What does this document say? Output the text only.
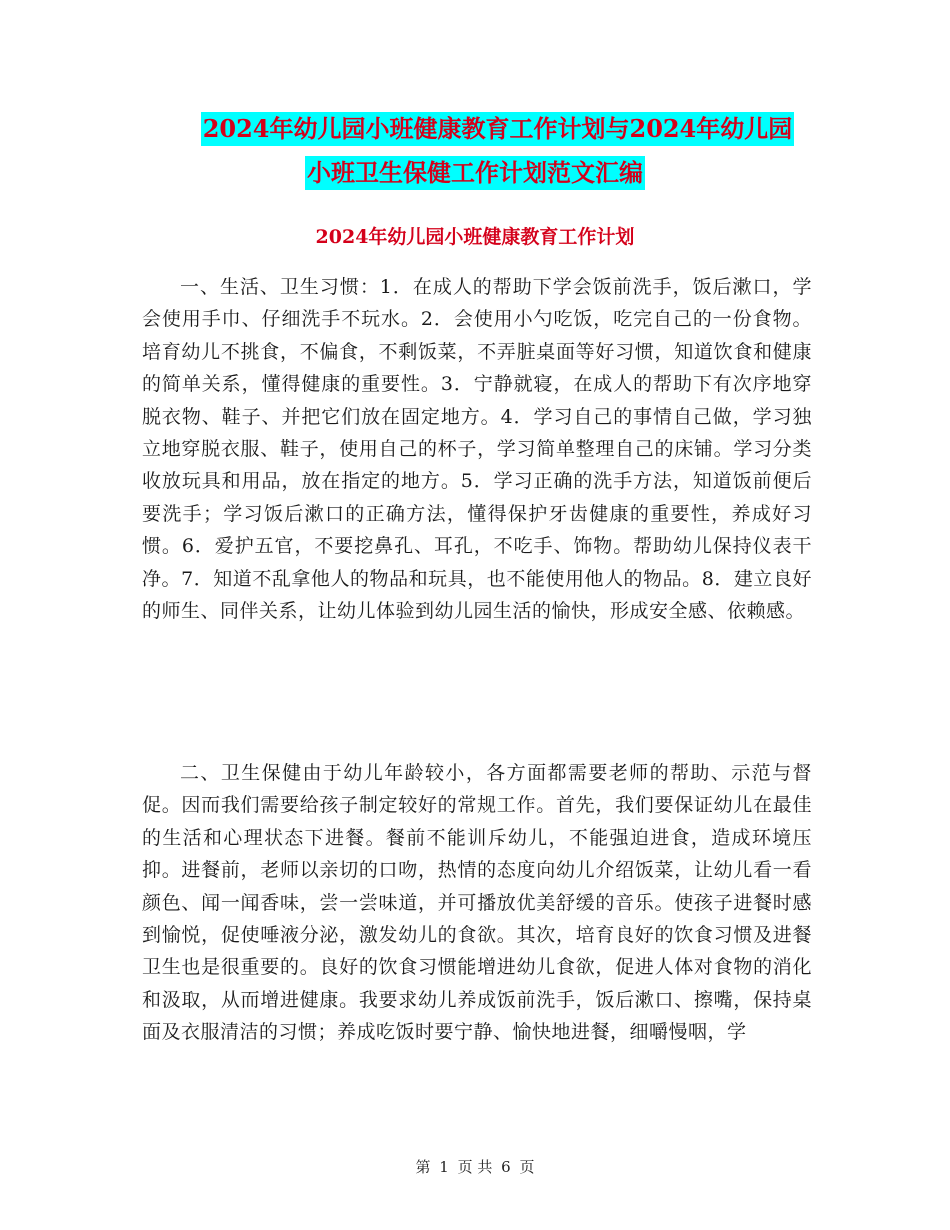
2024年幼儿园小班健康教育工作计划与2024年幼儿园
小班卫生保健工作计划范文汇编
2024年幼儿园小班健康教育工作计划

一、生活、卫生习惯：1．在成人的帮助下学会饭前洗手，饭后漱口，学会使用手巾、仔细洗手不玩水。2．会使用小勺吃饭，吃完自己的一份食物。培育幼儿不挑食，不偏食，不剩饭菜，不弄脏桌面等好习惯，知道饮食和健康的简单关系，懂得健康的重要性。3．宁静就寝，在成人的帮助下有次序地穿脱衣物、鞋子、并把它们放在固定地方。4．学习自己的事情自己做，学习独立地穿脱衣服、鞋子，使用自己的杯子，学习简单整理自己的床铺。学习分类收放玩具和用品，放在指定的地方。5．学习正确的洗手方法，知道饭前便后要洗手；学习饭后漱口的正确方法，懂得保护牙齿健康的重要性，养成好习惯。6．爱护五官，不要挖鼻孔、耳孔，不吃手、饰物。帮助幼儿保持仪表干净。7．知道不乱拿他人的物品和玩具，也不能使用他人的物品。8．建立良好的师生、同伴关系，让幼儿体验到幼儿园生活的愉快，形成安全感、依赖感。

二、卫生保健由于幼儿年龄较小，各方面都需要老师的帮助、示范与督促。因而我们需要给孩子制定较好的常规工作。首先，我们要保证幼儿在最佳的生活和心理状态下进餐。餐前不能训斥幼儿，不能强迫进食，造成环境压抑。进餐前，老师以亲切的口吻，热情的态度向幼儿介绍饭菜，让幼儿看一看颜色、闻一闻香味，尝一尝味道，并可播放优美舒缓的音乐。使孩子进餐时感到愉悦，促使唾液分泌，激发幼儿的食欲。其次，培育良好的饮食习惯及进餐卫生也是很重要的。良好的饮食习惯能增进幼儿食欲，促进人体对食物的消化和汲取，从而增进健康。我要求幼儿养成饭前洗手，饭后漱口、擦嘴，保持桌面及衣服清洁的习惯；养成吃饭时要宁静、愉快地进餐，细嚼慢咽，学

第 1 页 共 6 页
